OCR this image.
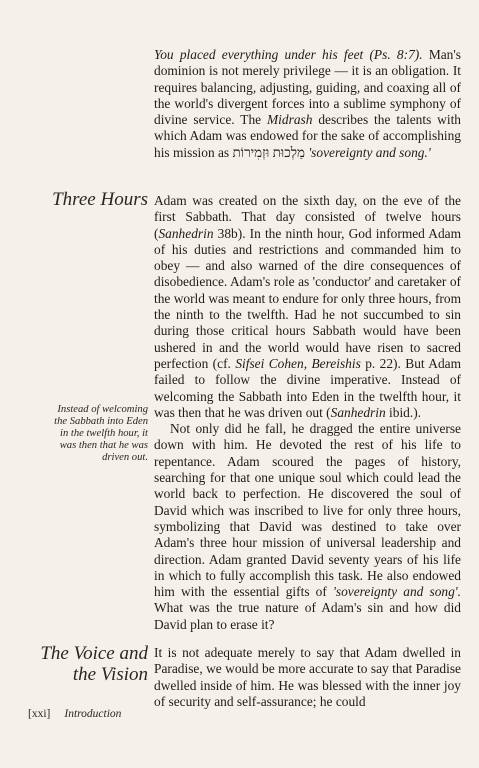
You placed everything under his feet (Ps. 8:7). Man's dominion is not merely privilege — it is an obligation. It requires balancing, adjusting, guiding, and coaxing all of the world's divergent forces into a sublime symphony of divine service. The Midrash describes the talents with which Adam was endowed for the sake of accomplishing his mission as מַלְכוּת וּזְמִירוֹת 'sovereignty and song.'

Three Hours
Instead of welcoming the Sabbath into Eden in the twelfth hour, it was then that he was driven out.

Adam was created on the sixth day, on the eve of the first Sabbath. That day consisted of twelve hours (Sanhedrin 38b). In the ninth hour, God informed Adam of his duties and restrictions and commanded him to obey — and also warned of the dire consequences of disobedience. Adam's role as 'conductor' and caretaker of the world was meant to endure for only three hours, from the ninth to the twelfth. Had he not succumbed to sin during those critical hours Sabbath would have been ushered in and the world would have risen to sacred perfection (cf. Sifsei Cohen, Bereishis p. 22). But Adam failed to follow the divine imperative. Instead of welcoming the Sabbath into Eden in the twelfth hour, it was then that he was driven out (Sanhedrin ibid.).

Not only did he fall, he dragged the entire universe down with him. He devoted the rest of his life to repentance. Adam scoured the pages of history, searching for that one unique soul which could lead the world back to perfection. He discovered the soul of David which was inscribed to live for only three hours, symbolizing that David was destined to take over Adam's three hour mission of universal leadership and direction. Adam granted David seventy years of his life in which to fully accomplish this task. He also endowed him with the essential gifts of 'sovereignty and song'. What was the true nature of Adam's sin and how did David plan to erase it?

The Voice and the Vision

It is not adequate merely to say that Adam dwelled in Paradise, we would be more accurate to say that Paradise dwelled inside of him. He was blessed with the inner joy of security and self-assurance; he could

[xxi] Introduction
